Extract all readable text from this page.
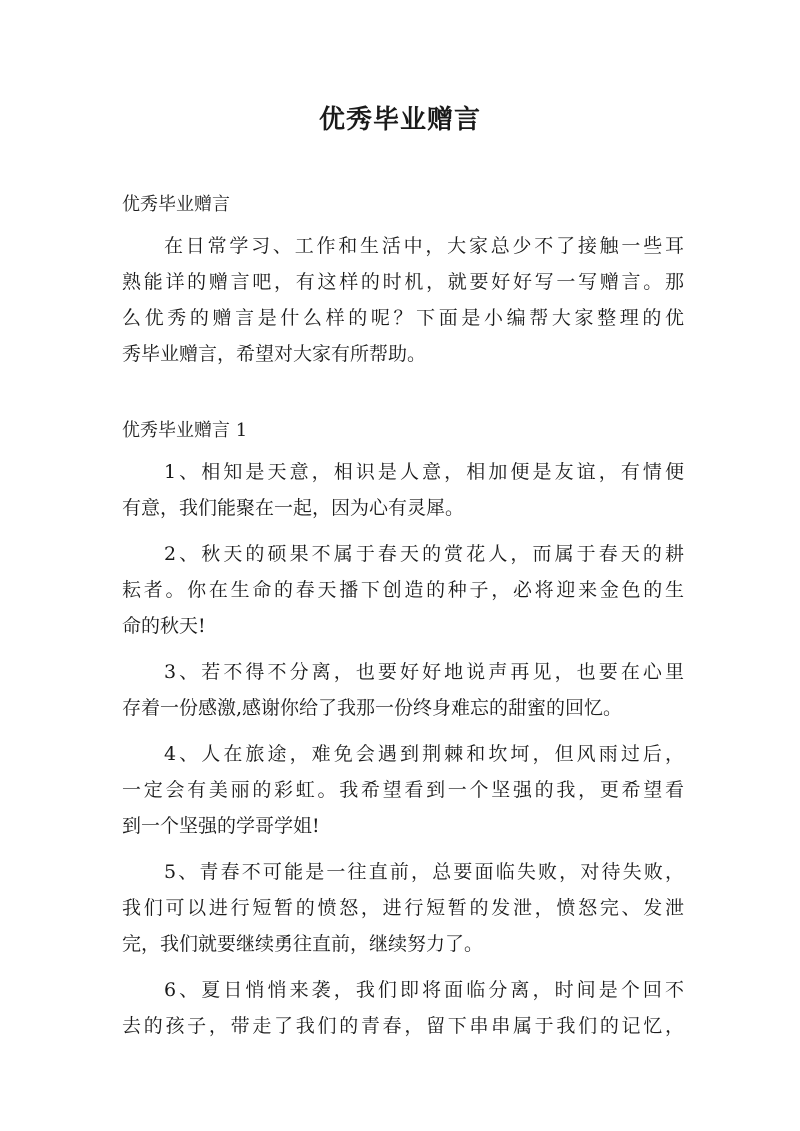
优秀毕业赠言
优秀毕业赠言
在日常学习、工作和生活中，大家总少不了接触一些耳
熟能详的赠言吧，有这样的时机，就要好好写一写赠言。那
么优秀的赠言是什么样的呢？下面是小编帮大家整理的优
秀毕业赠言，希望对大家有所帮助。
优秀毕业赠言 1
1、相知是天意，相识是人意，相加便是友谊，有情便
有意，我们能聚在一起，因为心有灵犀。
2、秋天的硕果不属于春天的赏花人，而属于春天的耕
耘者。你在生命的春天播下创造的种子，必将迎来金色的生
命的秋天!
3、若不得不分离，也要好好地说声再见，也要在心里
存着一份感激,感谢你给了我那一份终身难忘的甜蜜的回忆。
4、人在旅途，难免会遇到荆棘和坎坷，但风雨过后，
一定会有美丽的彩虹。我希望看到一个坚强的我，更希望看
到一个坚强的学哥学姐!
5、青春不可能是一往直前，总要面临失败，对待失败，
我们可以进行短暂的愤怒，进行短暂的发泄，愤怒完、发泄
完，我们就要继续勇往直前，继续努力了。
6、夏日悄悄来袭，我们即将面临分离，时间是个回不
去的孩子，带走了我们的青春，留下串串属于我们的记忆，
